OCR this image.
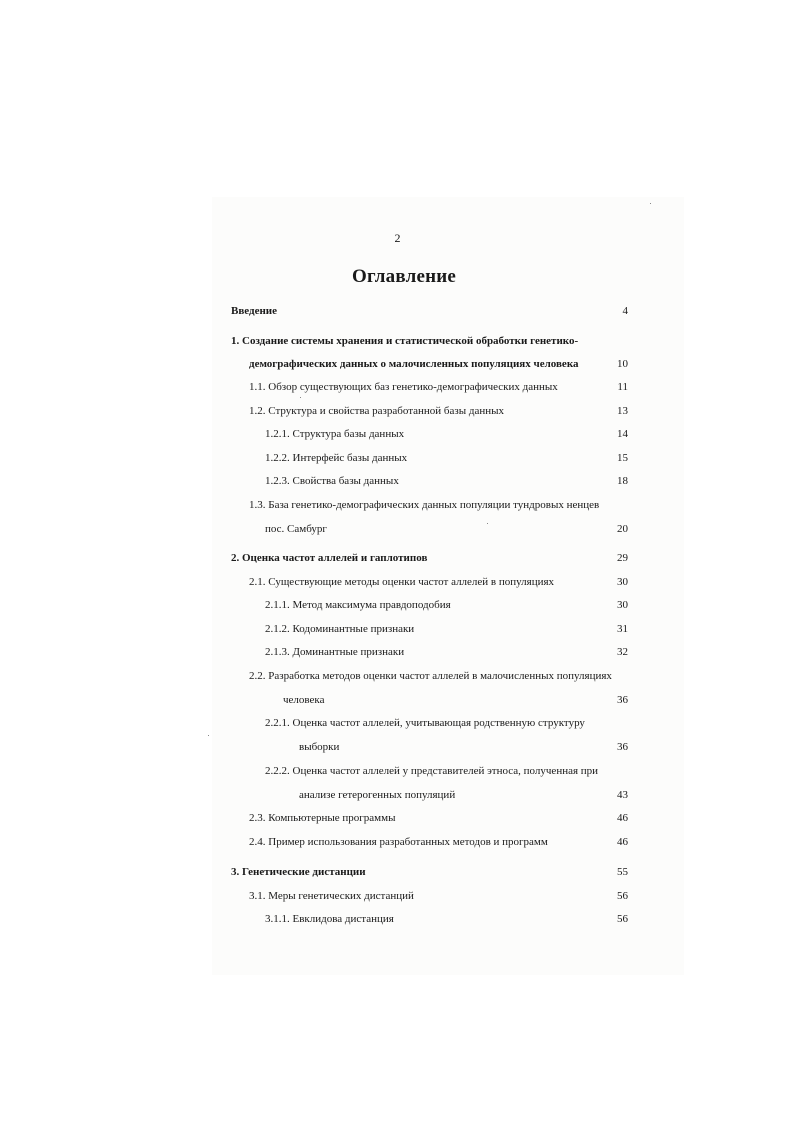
2
Оглавление
Введение	4
1. Создание системы хранения и статистической обработки генетико-
демографических данных о малочисленных популяциях человека	10
1.1. Обзор существующих баз генетико-демографических данных	11
1.2. Структура и свойства разработанной базы данных	13
1.2.1. Структура базы данных	14
1.2.2. Интерфейс базы данных	15
1.2.3. Свойства базы данных	18
1.3. База генетико-демографических данных популяции тундровых ненцев
пос. Самбург	20
2. Оценка частот аллелей и гаплотипов	29
2.1. Существующие методы оценки частот аллелей в популяциях	30
2.1.1. Метод максимума правдоподобия	30
2.1.2. Кодоминантные признаки	31
2.1.3. Доминантные признаки	32
2.2. Разработка методов оценки частот аллелей в малочисленных популяциях
человека	36
2.2.1. Оценка частот аллелей, учитывающая родственную структуру
выборки	36
2.2.2. Оценка частот аллелей у представителей этноса, полученная при
анализе гетерогенных популяций	43
2.3. Компьютерные программы	46
2.4. Пример использования разработанных методов и программ	46
3. Генетические дистанции	55
3.1. Меры генетических дистанций	56
3.1.1. Евклидова дистанция	56
